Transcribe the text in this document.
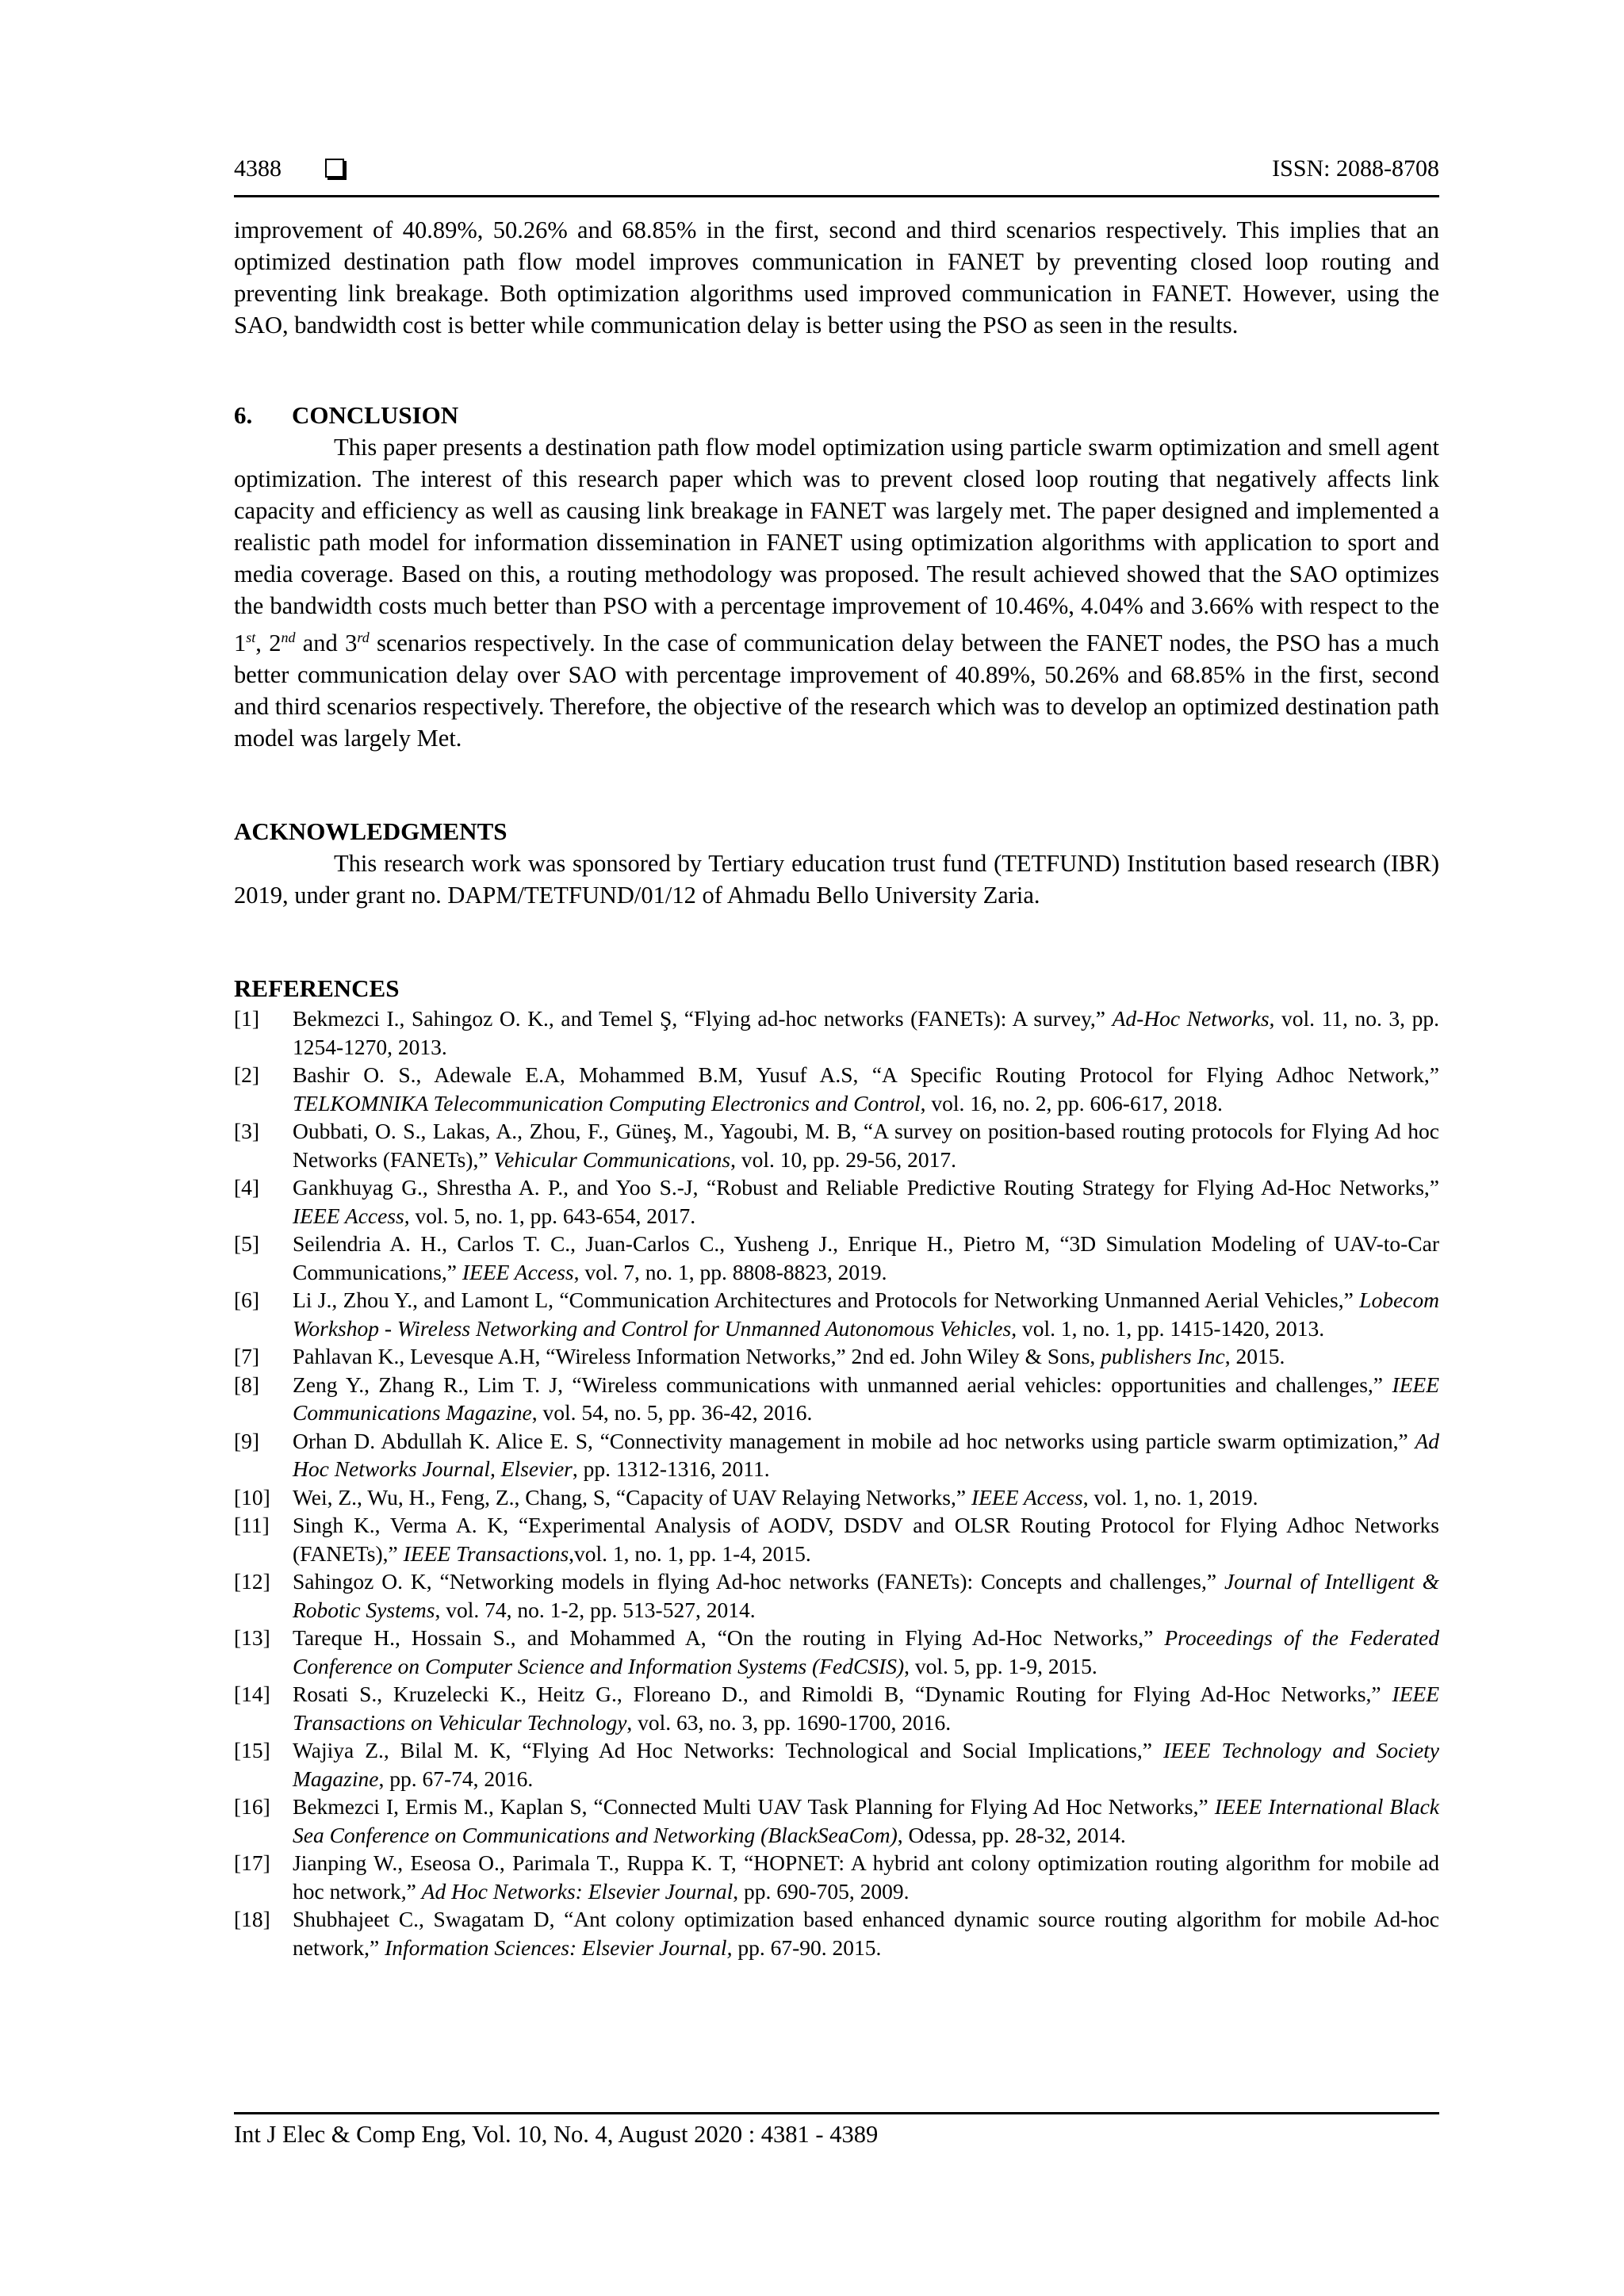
4388	ISSN: 2088-8708

improvement of 40.89%, 50.26% and 68.85% in the first, second and third scenarios respectively. This implies that an optimized destination path flow model improves communication in FANET by preventing closed loop routing and preventing link breakage. Both optimization algorithms used improved communication in FANET. However, using the SAO, bandwidth cost is better while communication delay is better using the PSO as seen in the results.

6. CONCLUSION

This paper presents a destination path flow model optimization using particle swarm optimization and smell agent optimization. The interest of this research paper which was to prevent closed loop routing that negatively affects link capacity and efficiency as well as causing link breakage in FANET was largely met. The paper designed and implemented a realistic path model for information dissemination in FANET using optimization algorithms with application to sport and media coverage. Based on this, a routing methodology was proposed. The result achieved showed that the SAO optimizes the bandwidth costs much better than PSO with a percentage improvement of 10.46%, 4.04% and 3.66% with respect to the 1st, 2nd and 3rd scenarios respectively. In the case of communication delay between the FANET nodes, the PSO has a much better communication delay over SAO with percentage improvement of 40.89%, 50.26% and 68.85% in the first, second and third scenarios respectively. Therefore, the objective of the research which was to develop an optimized destination path model was largely Met.

ACKNOWLEDGMENTS

This research work was sponsored by Tertiary education trust fund (TETFUND) Institution based research (IBR) 2019, under grant no. DAPM/TETFUND/01/12 of Ahmadu Bello University Zaria.

REFERENCES
[1] Bekmezci I., Sahingoz O. K., and Temel Ş, “Flying ad-hoc networks (FANETs): A survey,” Ad-Hoc Networks, vol. 11, no. 3, pp. 1254-1270, 2013.
[2] Bashir O. S., Adewale E.A, Mohammed B.M, Yusuf A.S, “A Specific Routing Protocol for Flying Adhoc Network,” TELKOMNIKA Telecommunication Computing Electronics and Control, vol. 16, no. 2, pp. 606-617, 2018.
[3] Oubbati, O. S., Lakas, A., Zhou, F., Güneş, M., Yagoubi, M. B, “A survey on position-based routing protocols for Flying Ad hoc Networks (FANETs),” Vehicular Communications, vol. 10, pp. 29-56, 2017.
[4] Gankhuyag G., Shrestha A. P., and Yoo S.-J, “Robust and Reliable Predictive Routing Strategy for Flying Ad-Hoc Networks,” IEEE Access, vol. 5, no. 1, pp. 643-654, 2017.
[5] Seilendria A. H., Carlos T. C., Juan-Carlos C., Yusheng J., Enrique H., Pietro M, “3D Simulation Modeling of UAV-to-Car Communications,” IEEE Access, vol. 7, no. 1, pp. 8808-8823, 2019.
[6] Li J., Zhou Y., and Lamont L, “Communication Architectures and Protocols for Networking Unmanned Aerial Vehicles,” Lobecom Workshop - Wireless Networking and Control for Unmanned Autonomous Vehicles, vol. 1, no. 1, pp. 1415-1420, 2013.
[7] Pahlavan K., Levesque A.H, “Wireless Information Networks,” 2nd ed. John Wiley & Sons, publishers Inc, 2015.
[8] Zeng Y., Zhang R., Lim T. J, “Wireless communications with unmanned aerial vehicles: opportunities and challenges,” IEEE Communications Magazine, vol. 54, no. 5, pp. 36-42, 2016.
[9] Orhan D. Abdullah K. Alice E. S, “Connectivity management in mobile ad hoc networks using particle swarm optimization,” Ad Hoc Networks Journal, Elsevier, pp. 1312-1316, 2011.
[10] Wei, Z., Wu, H., Feng, Z., Chang, S, “Capacity of UAV Relaying Networks,” IEEE Access, vol. 1, no. 1, 2019.
[11] Singh K., Verma A. K, “Experimental Analysis of AODV, DSDV and OLSR Routing Protocol for Flying Adhoc Networks (FANETs),” IEEE Transactions,vol. 1, no. 1, pp. 1-4, 2015.
[12] Sahingoz O. K, “Networking models in flying Ad-hoc networks (FANETs): Concepts and challenges,” Journal of Intelligent & Robotic Systems, vol. 74, no. 1-2, pp. 513-527, 2014.
[13] Tareque H., Hossain S., and Mohammed A, “On the routing in Flying Ad-Hoc Networks,” Proceedings of the Federated Conference on Computer Science and Information Systems (FedCSIS), vol. 5, pp. 1-9, 2015.
[14] Rosati S., Kruzelecki K., Heitz G., Floreano D., and Rimoldi B, “Dynamic Routing for Flying Ad-Hoc Networks,” IEEE Transactions on Vehicular Technology, vol. 63, no. 3, pp. 1690-1700, 2016.
[15] Wajiya Z., Bilal M. K, “Flying Ad Hoc Networks: Technological and Social Implications,” IEEE Technology and Society Magazine, pp. 67-74, 2016.
[16] Bekmezci I, Ermis M., Kaplan S, “Connected Multi UAV Task Planning for Flying Ad Hoc Networks,” IEEE International Black Sea Conference on Communications and Networking (BlackSeaCom), Odessa, pp. 28-32, 2014.
[17] Jianping W., Eseosa O., Parimala T., Ruppa K. T, “HOPNET: A hybrid ant colony optimization routing algorithm for mobile ad hoc network,” Ad Hoc Networks: Elsevier Journal, pp. 690-705, 2009.
[18] Shubhajeet C., Swagatam D, “Ant colony optimization based enhanced dynamic source routing algorithm for mobile Ad-hoc network,” Information Sciences: Elsevier Journal, pp. 67-90. 2015.
Int J Elec & Comp Eng, Vol. 10, No. 4, August 2020 : 4381 - 4389
